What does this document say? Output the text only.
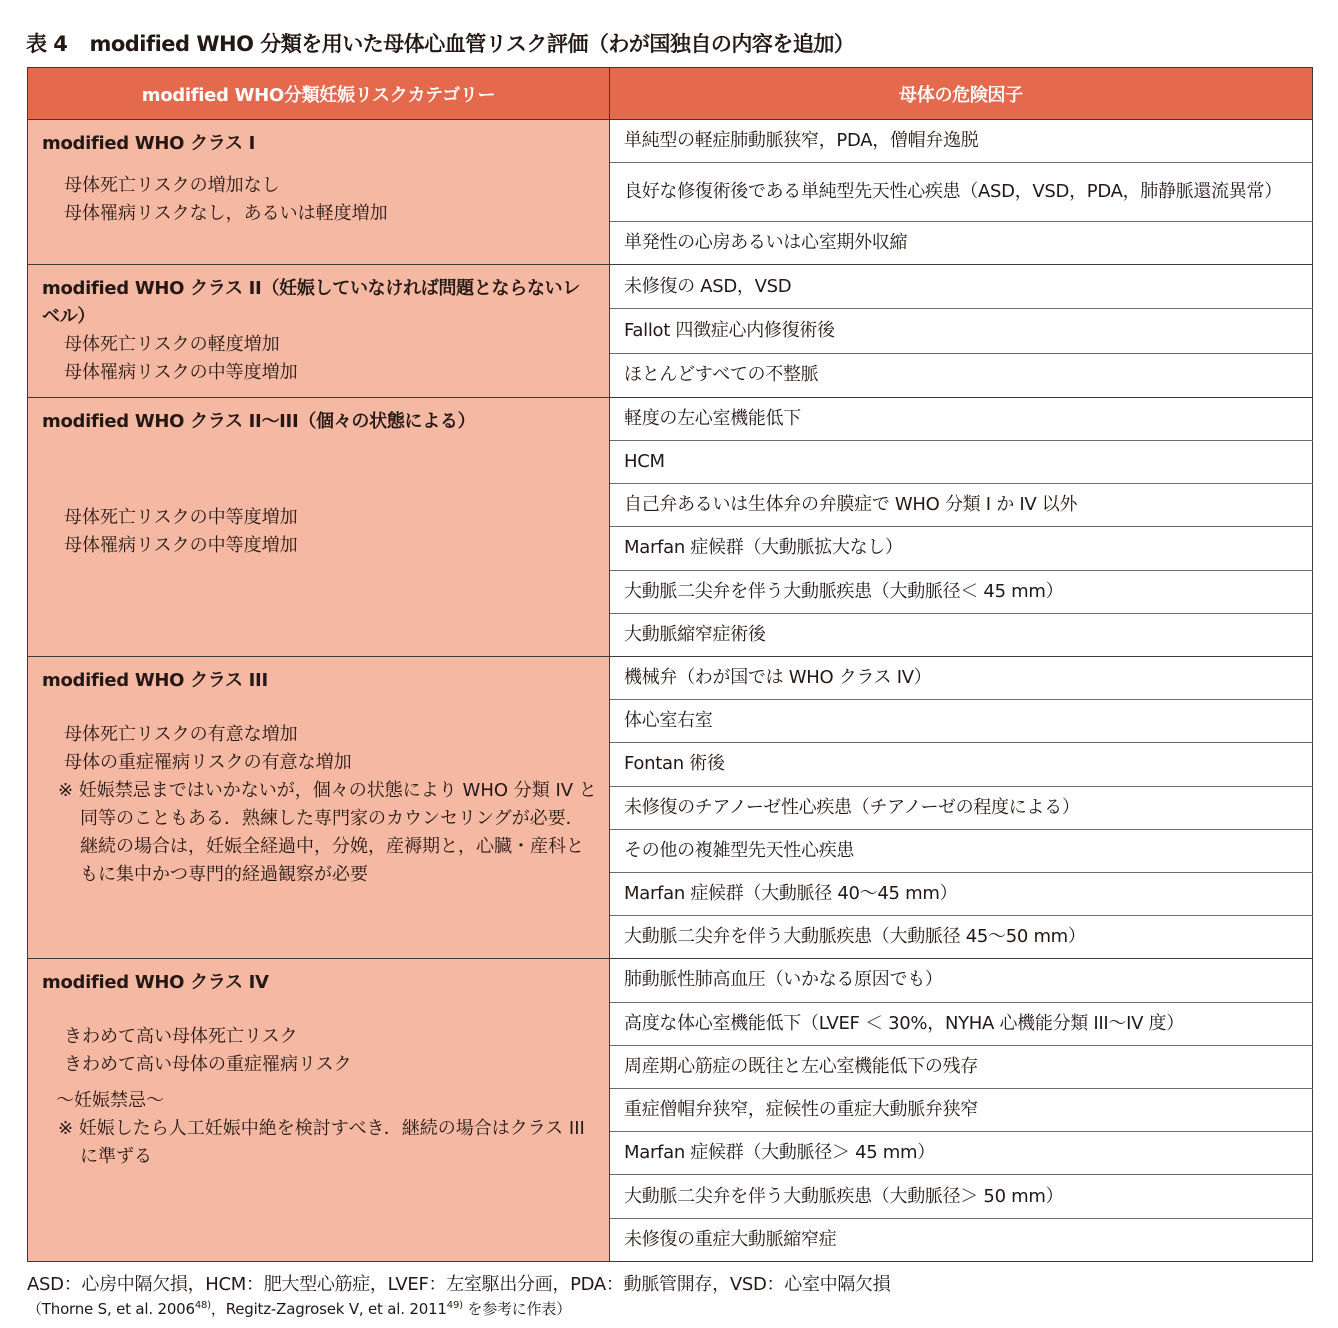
表 4 modified WHO 分類を用いた母体心血管リスク評価（わが国独自の内容を追加）
modified WHO分類妊娠リスクカテゴリー	母体の危険因子

modified WHO クラス I
母体死亡リスクの増加なし
母体罹病リスクなし，あるいは軽度増加	単純型の軽症肺動脈狭窄，PDA，僧帽弁逸脱
	良好な修復術後である単純型先天性心疾患（ASD，VSD，PDA，肺静脈還流異常）
	単発性の心房あるいは心室期外収縮

modified WHO クラス II（妊娠していなければ問題とならないレベル）
母体死亡リスクの軽度増加
母体罹病リスクの中等度増加	未修復の ASD，VSD
	Fallot 四徴症心内修復術後
	ほとんどすべての不整脈

modified WHO クラス II〜III（個々の状態による）
母体死亡リスクの中等度増加
母体罹病リスクの中等度増加	軽度の左心室機能低下
	HCM
	自己弁あるいは生体弁の弁膜症で WHO 分類 I か IV 以外
	Marfan 症候群（大動脈拡大なし）
	大動脈二尖弁を伴う大動脈疾患（大動脈径＜ 45 mm）
	大動脈縮窄症術後

modified WHO クラス III
母体死亡リスクの有意な増加
母体の重症罹病リスクの有意な増加
※ 妊娠禁忌まではいかないが，個々の状態により WHO 分類 IV と同等のこともある．熟練した専門家のカウンセリングが必要．継続の場合は，妊娠全経過中，分娩，産褥期と，心臓・産科ともに集中かつ専門的経過観察が必要	機械弁（わが国では WHO クラス IV）
	体心室右室
	Fontan 術後
	未修復のチアノーゼ性心疾患（チアノーゼの程度による）
	その他の複雑型先天性心疾患
	Marfan 症候群（大動脈径 40〜45 mm）
	大動脈二尖弁を伴う大動脈疾患（大動脈径 45〜50 mm）

modified WHO クラス IV
きわめて高い母体死亡リスク
きわめて高い母体の重症罹病リスク
〜妊娠禁忌〜
※ 妊娠したら人工妊娠中絶を検討すべき．継続の場合はクラス III に準ずる	肺動脈性肺高血圧（いかなる原因でも）
	高度な体心室機能低下（LVEF ＜ 30%，NYHA 心機能分類 III〜IV 度）
	周産期心筋症の既往と左心室機能低下の残存
	重症僧帽弁狭窄，症候性の重症大動脈弁狭窄
	Marfan 症候群（大動脈径＞ 45 mm）
	大動脈二尖弁を伴う大動脈疾患（大動脈径＞ 50 mm）
	未修復の重症大動脈縮窄症
ASD：心房中隔欠損，HCM：肥大型心筋症，LVEF：左室駆出分画，PDA：動脈管開存，VSD：心室中隔欠損
（Thorne S, et al. 2006$^{48)}$，Regitz-Zagrosek V, et al. 2011$^{49)}$ を参考に作表）
